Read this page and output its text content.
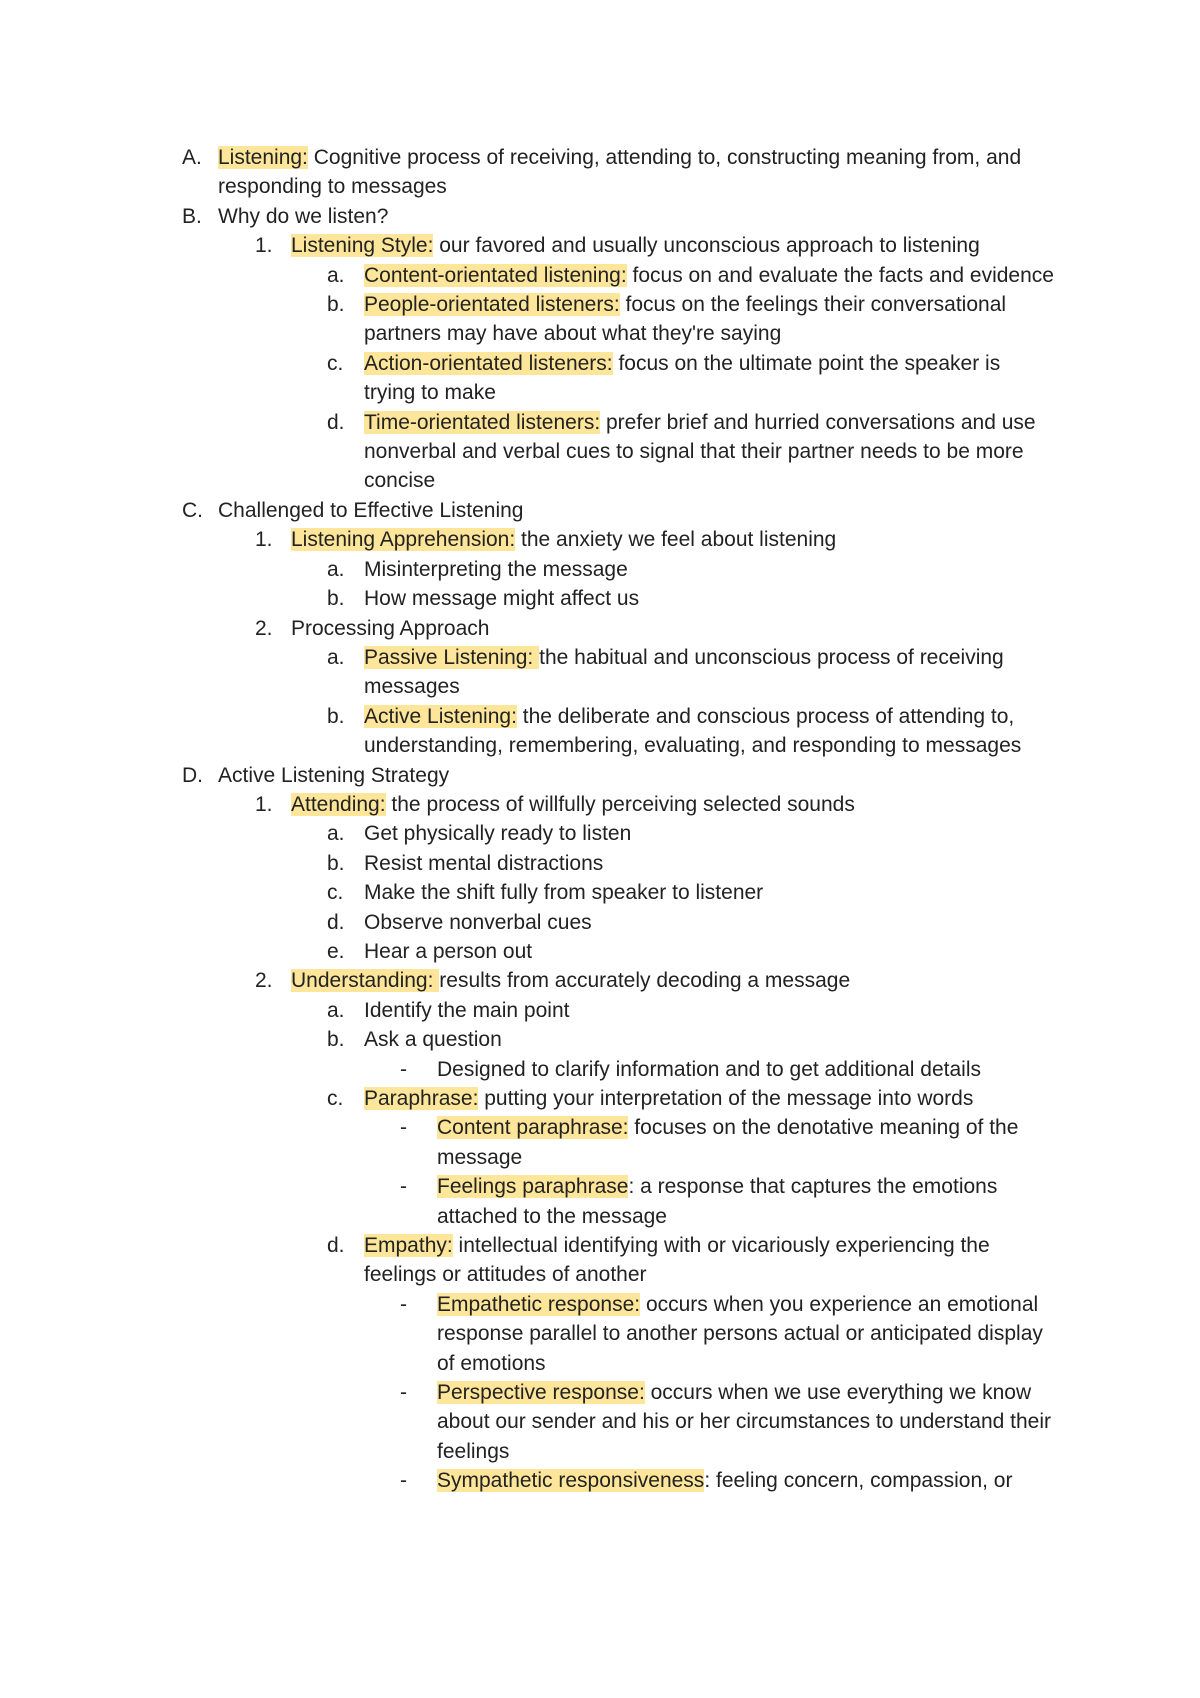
A. Listening: Cognitive process of receiving, attending to, constructing meaning from, and responding to messages
B. Why do we listen?
1. Listening Style: our favored and usually unconscious approach to listening
a. Content-orientated listening: focus on and evaluate the facts and evidence
b. People-orientated listeners: focus on the feelings their conversational partners may have about what they're saying
c. Action-orientated listeners: focus on the ultimate point the speaker is trying to make
d. Time-orientated listeners: prefer brief and hurried conversations and use nonverbal and verbal cues to signal that their partner needs to be more concise
C. Challenged to Effective Listening
1. Listening Apprehension: the anxiety we feel about listening
a. Misinterpreting the message
b. How message might affect us
2. Processing Approach
a. Passive Listening: the habitual and unconscious process of receiving messages
b. Active Listening: the deliberate and conscious process of attending to, understanding, remembering, evaluating, and responding to messages
D. Active Listening Strategy
1. Attending: the process of willfully perceiving selected sounds
a. Get physically ready to listen
b. Resist mental distractions
c. Make the shift fully from speaker to listener
d. Observe nonverbal cues
e. Hear a person out
2. Understanding: results from accurately decoding a message
a. Identify the main point
b. Ask a question
- Designed to clarify information and to get additional details
c. Paraphrase: putting your interpretation of the message into words
- Content paraphrase: focuses on the denotative meaning of the message
- Feelings paraphrase: a response that captures the emotions attached to the message
d. Empathy: intellectual identifying with or vicariously experiencing the feelings or attitudes of another
- Empathetic response: occurs when you experience an emotional response parallel to another persons actual or anticipated display of emotions
- Perspective response: occurs when we use everything we know about our sender and his or her circumstances to understand their feelings
- Sympathetic responsiveness: feeling concern, compassion, or
